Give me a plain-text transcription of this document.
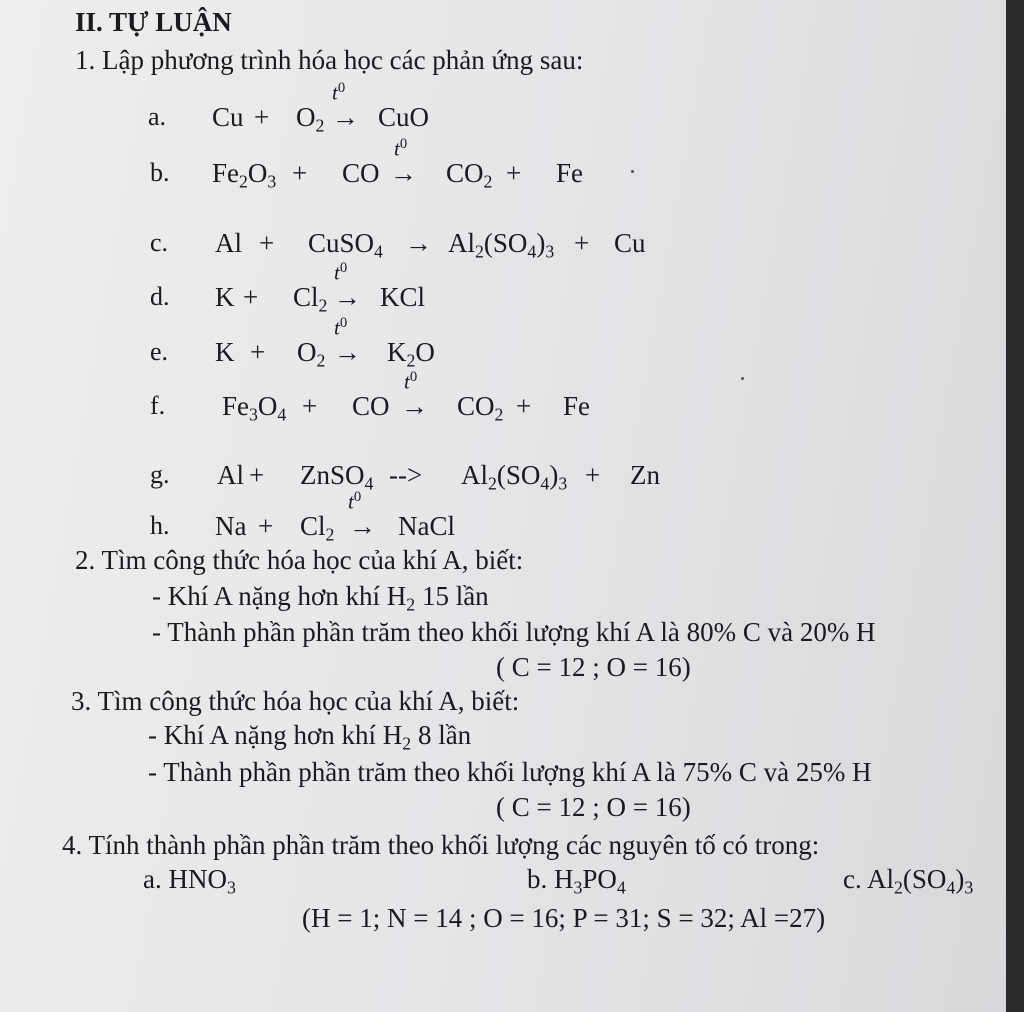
II. TỰ LUẬN
1. Lập phương trình hóa học các phản ứng sau:
a. $Cu + O_2$ →
$t^0$
CuO
b. $Fe_2O_3$ + CO →
$t^0$
$CO_2 + Fe$
c. Al + CuSO$_4$ → $Al_2(SO_4)_3 + Cu$
d. $K + Cl_2$ →
$t^0$
KCl
e. $K + O_2$ →
$t^0$
$K_2O$
f. $Fe_3O_4$ + CO →
$t^0$
$CO_2 + Fe$
g. Al + ZnSO$_4$ --> $Al_2(SO_4)_3 + Zn$
h. $Na + Cl_2$ →
$t^0$
NaCl
2. Tìm công thức hóa học của khí A, biết:
- Khí A nặng hơn khí $H_2$ 15 lần
- Thành phần phần trăm theo khối lượng khí A là 80% C và 20% H
( C = 12 ; O = 16)
3. Tìm công thức hóa học của khí A, biết:
- Khí A nặng hơn khí $H_2$ 8 lần
- Thành phần phần trăm theo khối lượng khí A là 75% C và 25% H
( C = 12 ; O = 16)
4. Tính thành phần phần trăm theo khối lượng các nguyên tố có trong:
a. $HNO_3$	b. $H_3PO_4$	c. $Al_2(SO_4)_3$
(H = 1; N = 14 ; O = 16; P = 31; S = 32; Al =27)
